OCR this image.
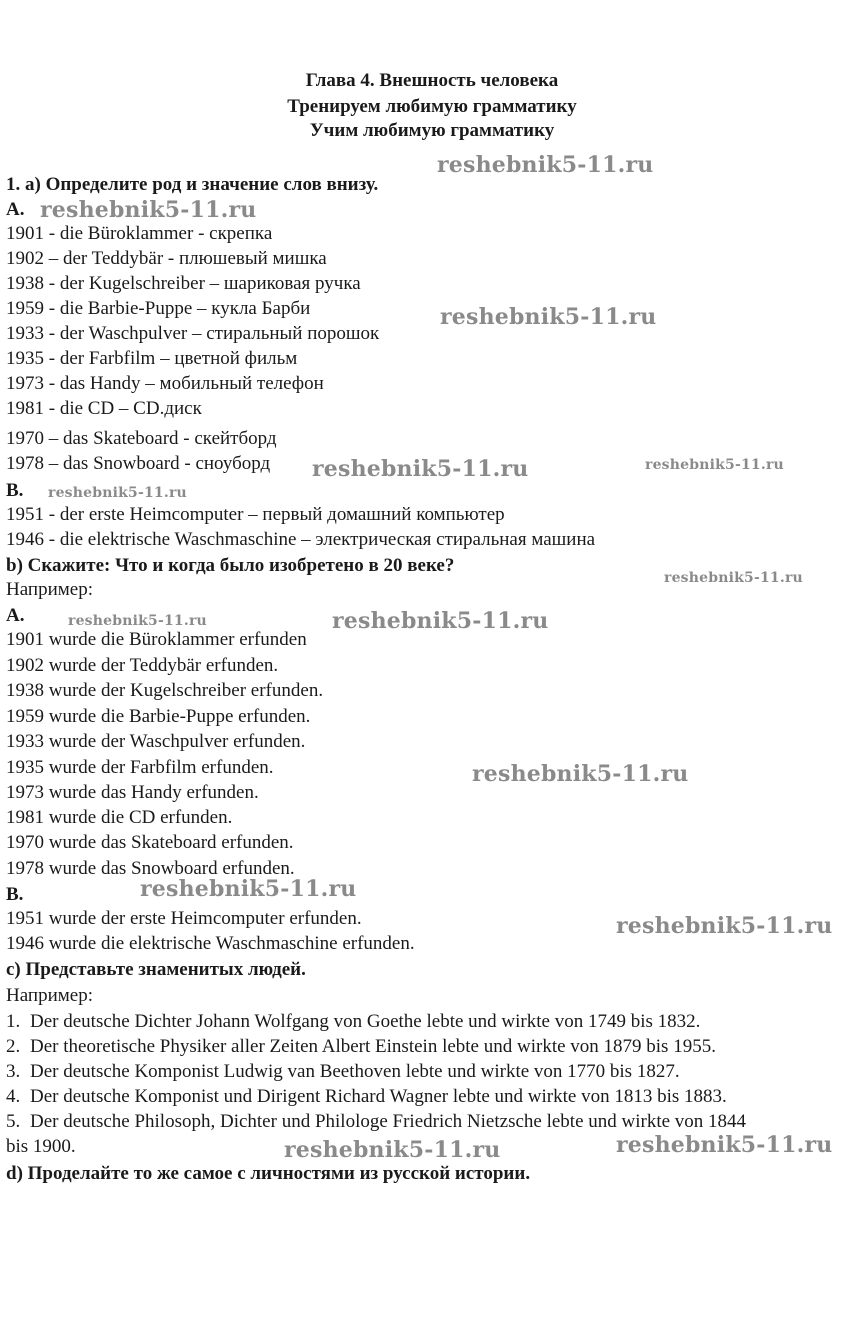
Глава 4. Внешность человека
Тренируем любимую грамматику
Учим любимую грамматику
1. а) Определите род и значение слов внизу.
A.
1901 - die Büroklammer - скрепка
1902 – der Teddybär - плюшевый мишка
1938 - der Kugelschreiber – шариковая ручка
1959 - die Barbie-Puppe – кукла Барби
1933 - der Waschpulver – стиральный порошок
1935 - der Farbfilm – цветной фильм
1973 - das Handy – мобильный телефон
1981 - die CD – CD.диск
1970 – das Skateboard - скейтборд
1978 – das Snowboard - сноуборд
B.
1951 - der erste Heimcomputer – первый домашний компьютер
1946 - die elektrische Waschmaschine – электрическая стиральная машина
b) Скажите: Что и когда было изобретено в 20 веке?
Например:
A.
1901 wurde die Büroklammer erfunden
1902 wurde der Teddybär erfunden.
1938 wurde der Kugelschreiber erfunden.
1959 wurde die Barbie-Puppe erfunden.
1933 wurde der Waschpulver erfunden.
1935 wurde der Farbfilm erfunden.
1973 wurde das Handy erfunden.
1981 wurde die CD erfunden.
1970 wurde das Skateboard erfunden.
1978 wurde das Snowboard erfunden.
B.
1951 wurde der erste Heimcomputer erfunden.
1946 wurde die elektrische Waschmaschine erfunden.
c) Представьте знаменитых людей.
Например:
1. Der deutsche Dichter Johann Wolfgang von Goethe lebte und wirkte von 1749 bis 1832.
2. Der theoretische Physiker aller Zeiten Albert Einstein lebte und wirkte von 1879 bis 1955.
3. Der deutsche Komponist Ludwig van Beethoven lebte und wirkte von 1770 bis 1827.
4. Der deutsche Komponist und Dirigent Richard Wagner lebte und wirkte von 1813 bis 1883.
5. Der deutsche Philosoph, Dichter und Philologe Friedrich Nietzsche lebte und wirkte von 1844
bis 1900.
d) Проделайте то же самое с личностями из русской истории.
reshebnik5-11.ru
reshebnik5-11.ru
reshebnik5-11.ru
reshebnik5-11.ru	reshebnik5-11.ru
reshebnik5-11.ru
reshebnik5-11.ru
reshebnik5-11.ru	reshebnik5-11.ru
reshebnik5-11.ru
reshebnik5-11.ru
reshebnik5-11.ru
reshebnik5-11.ru	reshebnik5-11.ru
